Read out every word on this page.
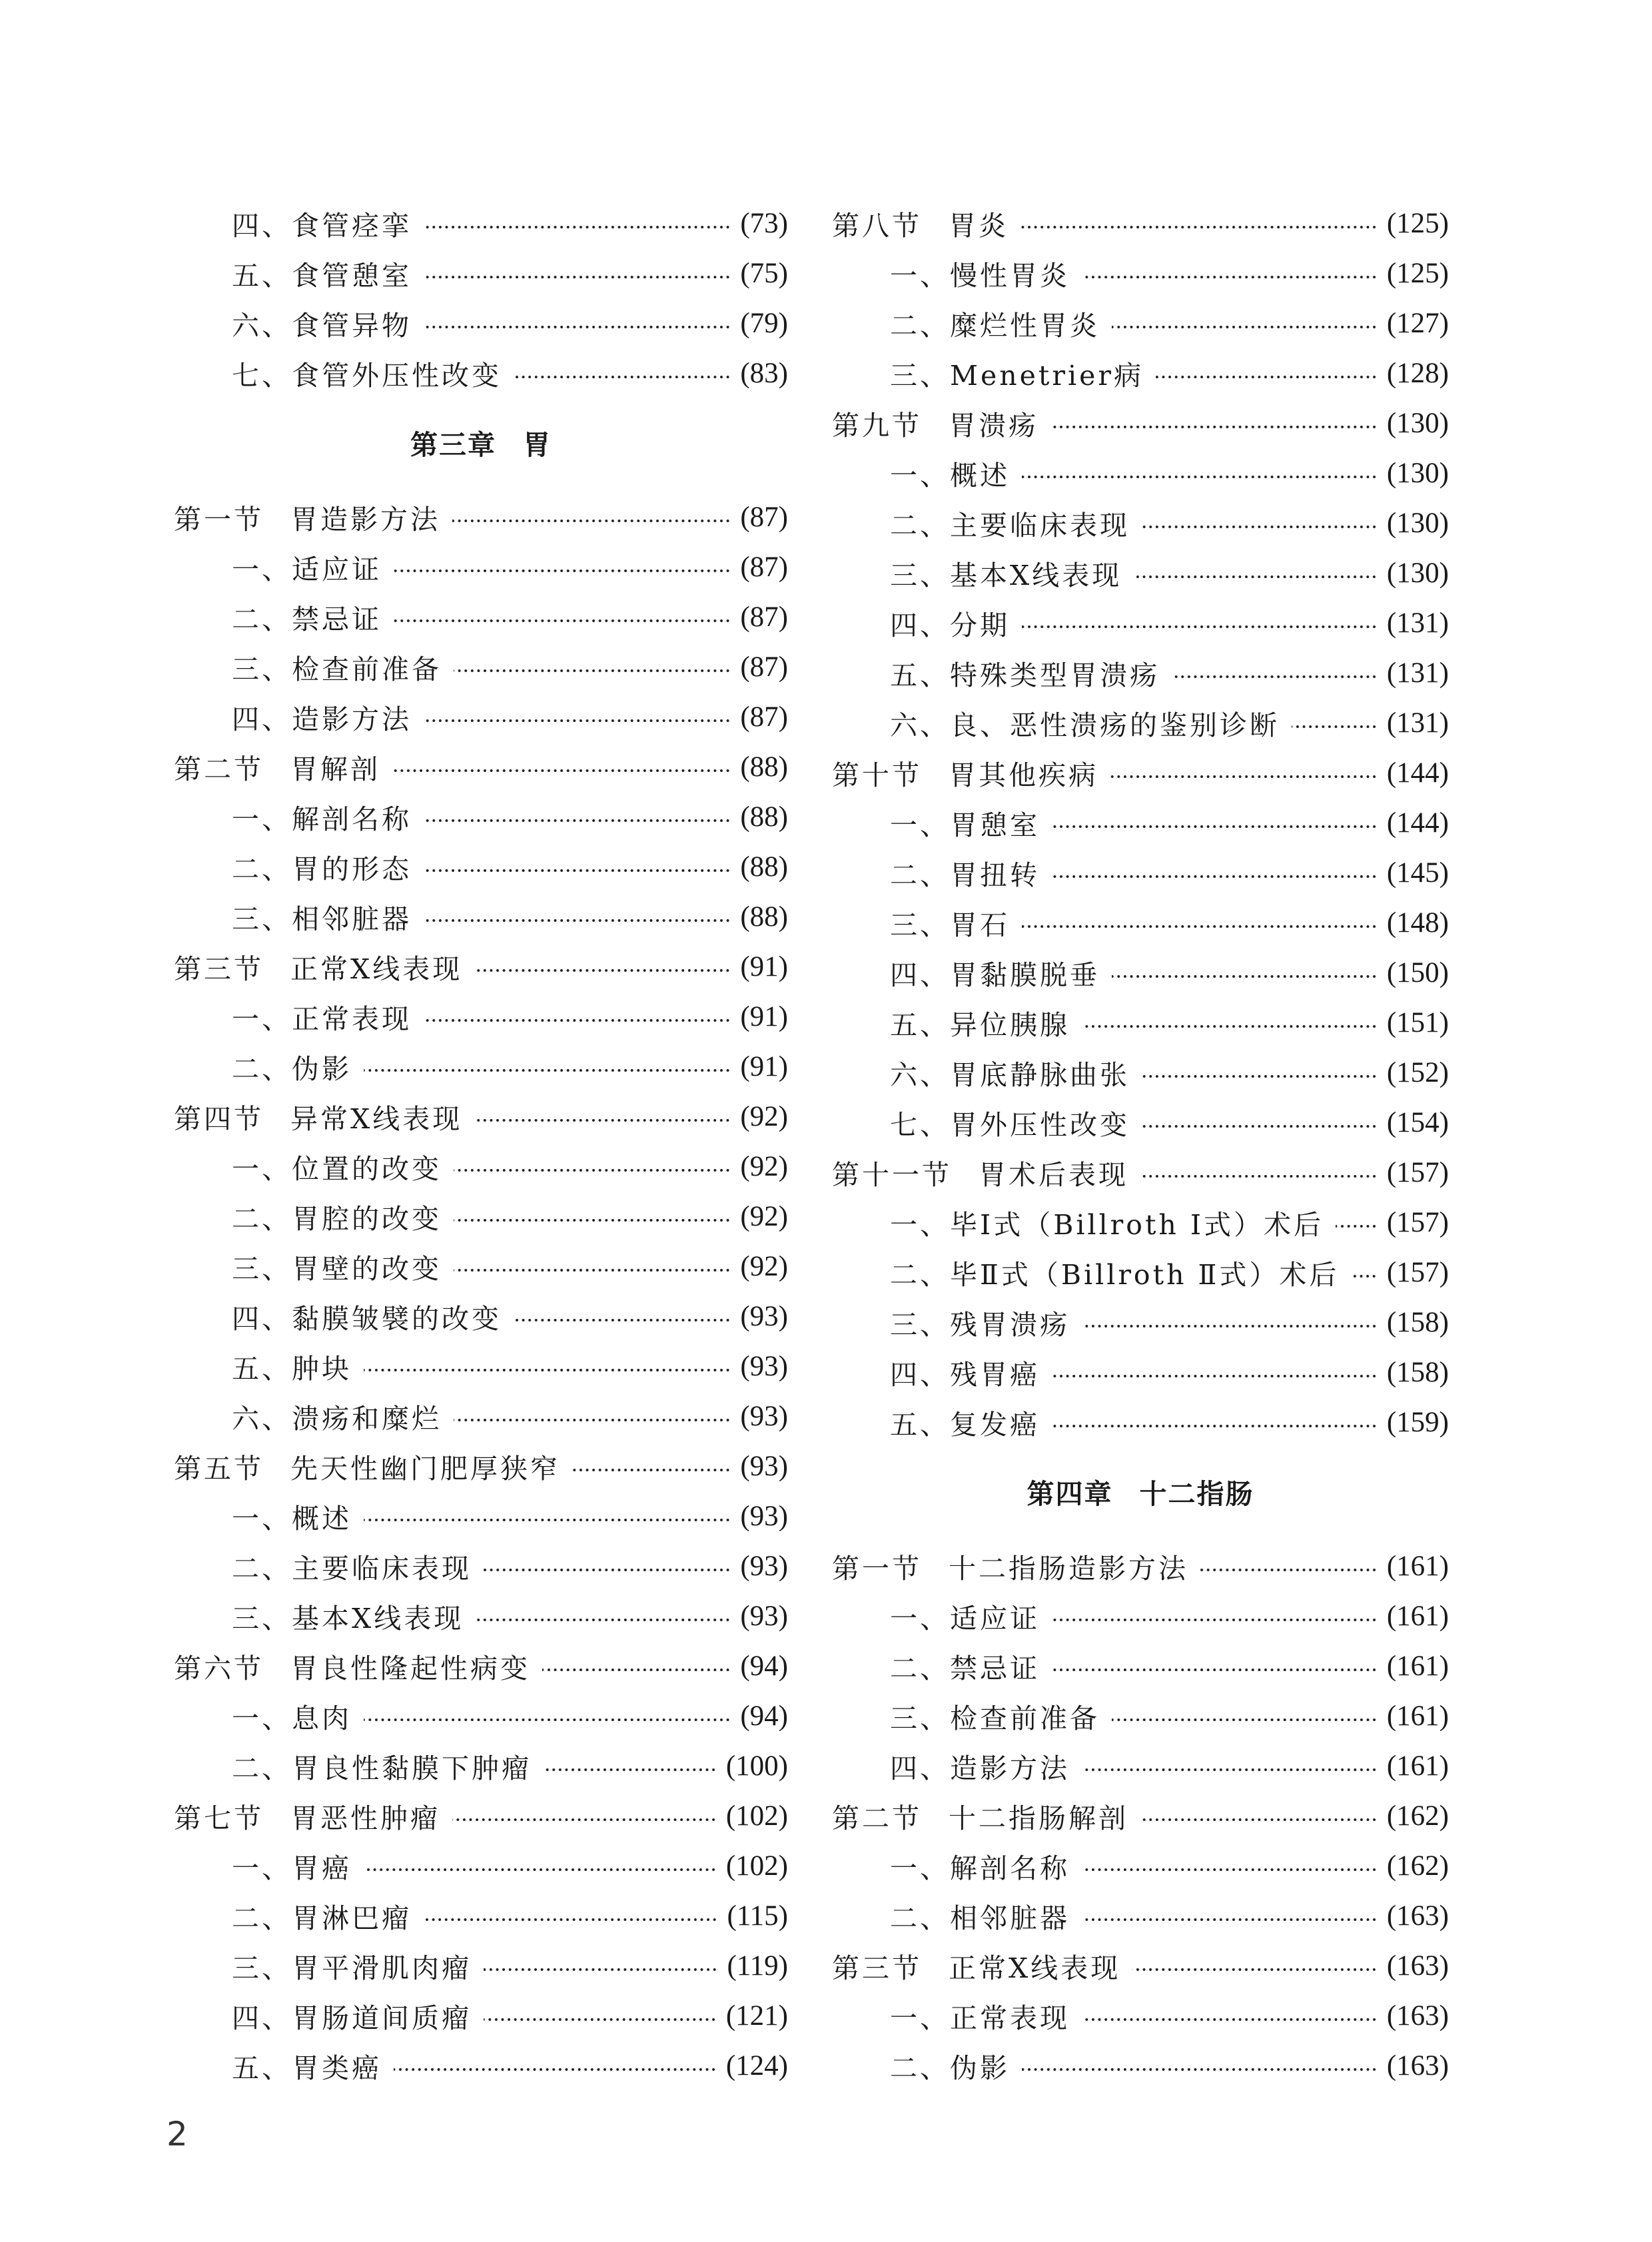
四、食管痉挛	(73)
五、食管憩室	(75)
六、食管异物	(79)
七、食管外压性改变	(83)
第三章 胃
第一节 胃造影方法	(87)
一、适应证	(87)
二、禁忌证	(87)
三、检查前准备	(87)
四、造影方法	(87)
第二节 胃解剖	(88)
一、解剖名称	(88)
二、胃的形态	(88)
三、相邻脏器	(88)
第三节 正常X线表现	(91)
一、正常表现	(91)
二、伪影	(91)
第四节 异常X线表现	(92)
一、位置的改变	(92)
二、胃腔的改变	(92)
三、胃壁的改变	(92)
四、黏膜皱襞的改变	(93)
五、肿块	(93)
六、溃疡和糜烂	(93)
第五节 先天性幽门肥厚狭窄	(93)
一、概述	(93)
二、主要临床表现	(93)
三、基本X线表现	(93)
第六节 胃良性隆起性病变	(94)
一、息肉	(94)
二、胃良性黏膜下肿瘤	(100)
第七节 胃恶性肿瘤	(102)
一、胃癌	(102)
二、胃淋巴瘤	(115)
三、胃平滑肌肉瘤	(119)
四、胃肠道间质瘤	(121)
五、胃类癌	(124)
第八节 胃炎	(125)
一、慢性胃炎	(125)
二、糜烂性胃炎	(127)
三、Menetrier病	(128)
第九节 胃溃疡	(130)
一、概述	(130)
二、主要临床表现	(130)
三、基本X线表现	(130)
四、分期	(131)
五、特殊类型胃溃疡	(131)
六、良、恶性溃疡的鉴别诊断	(131)
第十节 胃其他疾病	(144)
一、胃憩室	(144)
二、胃扭转	(145)
三、胃石	(148)
四、胃黏膜脱垂	(150)
五、异位胰腺	(151)
六、胃底静脉曲张	(152)
七、胃外压性改变	(154)
第十一节 胃术后表现	(157)
一、毕Ⅰ式（Billroth Ⅰ式）术后 (157)
二、毕Ⅱ式（Billroth Ⅱ式）术后 (157)
三、残胃溃疡	(158)
四、残胃癌	(158)
五、复发癌	(159)
第四章 十二指肠
第一节 十二指肠造影方法	(161)
一、适应证	(161)
二、禁忌证	(161)
三、检查前准备	(161)
四、造影方法	(161)
第二节 十二指肠解剖	(162)
一、解剖名称	(162)
二、相邻脏器	(163)
第三节 正常X线表现	(163)
一、正常表现	(163)
二、伪影	(163)
2
